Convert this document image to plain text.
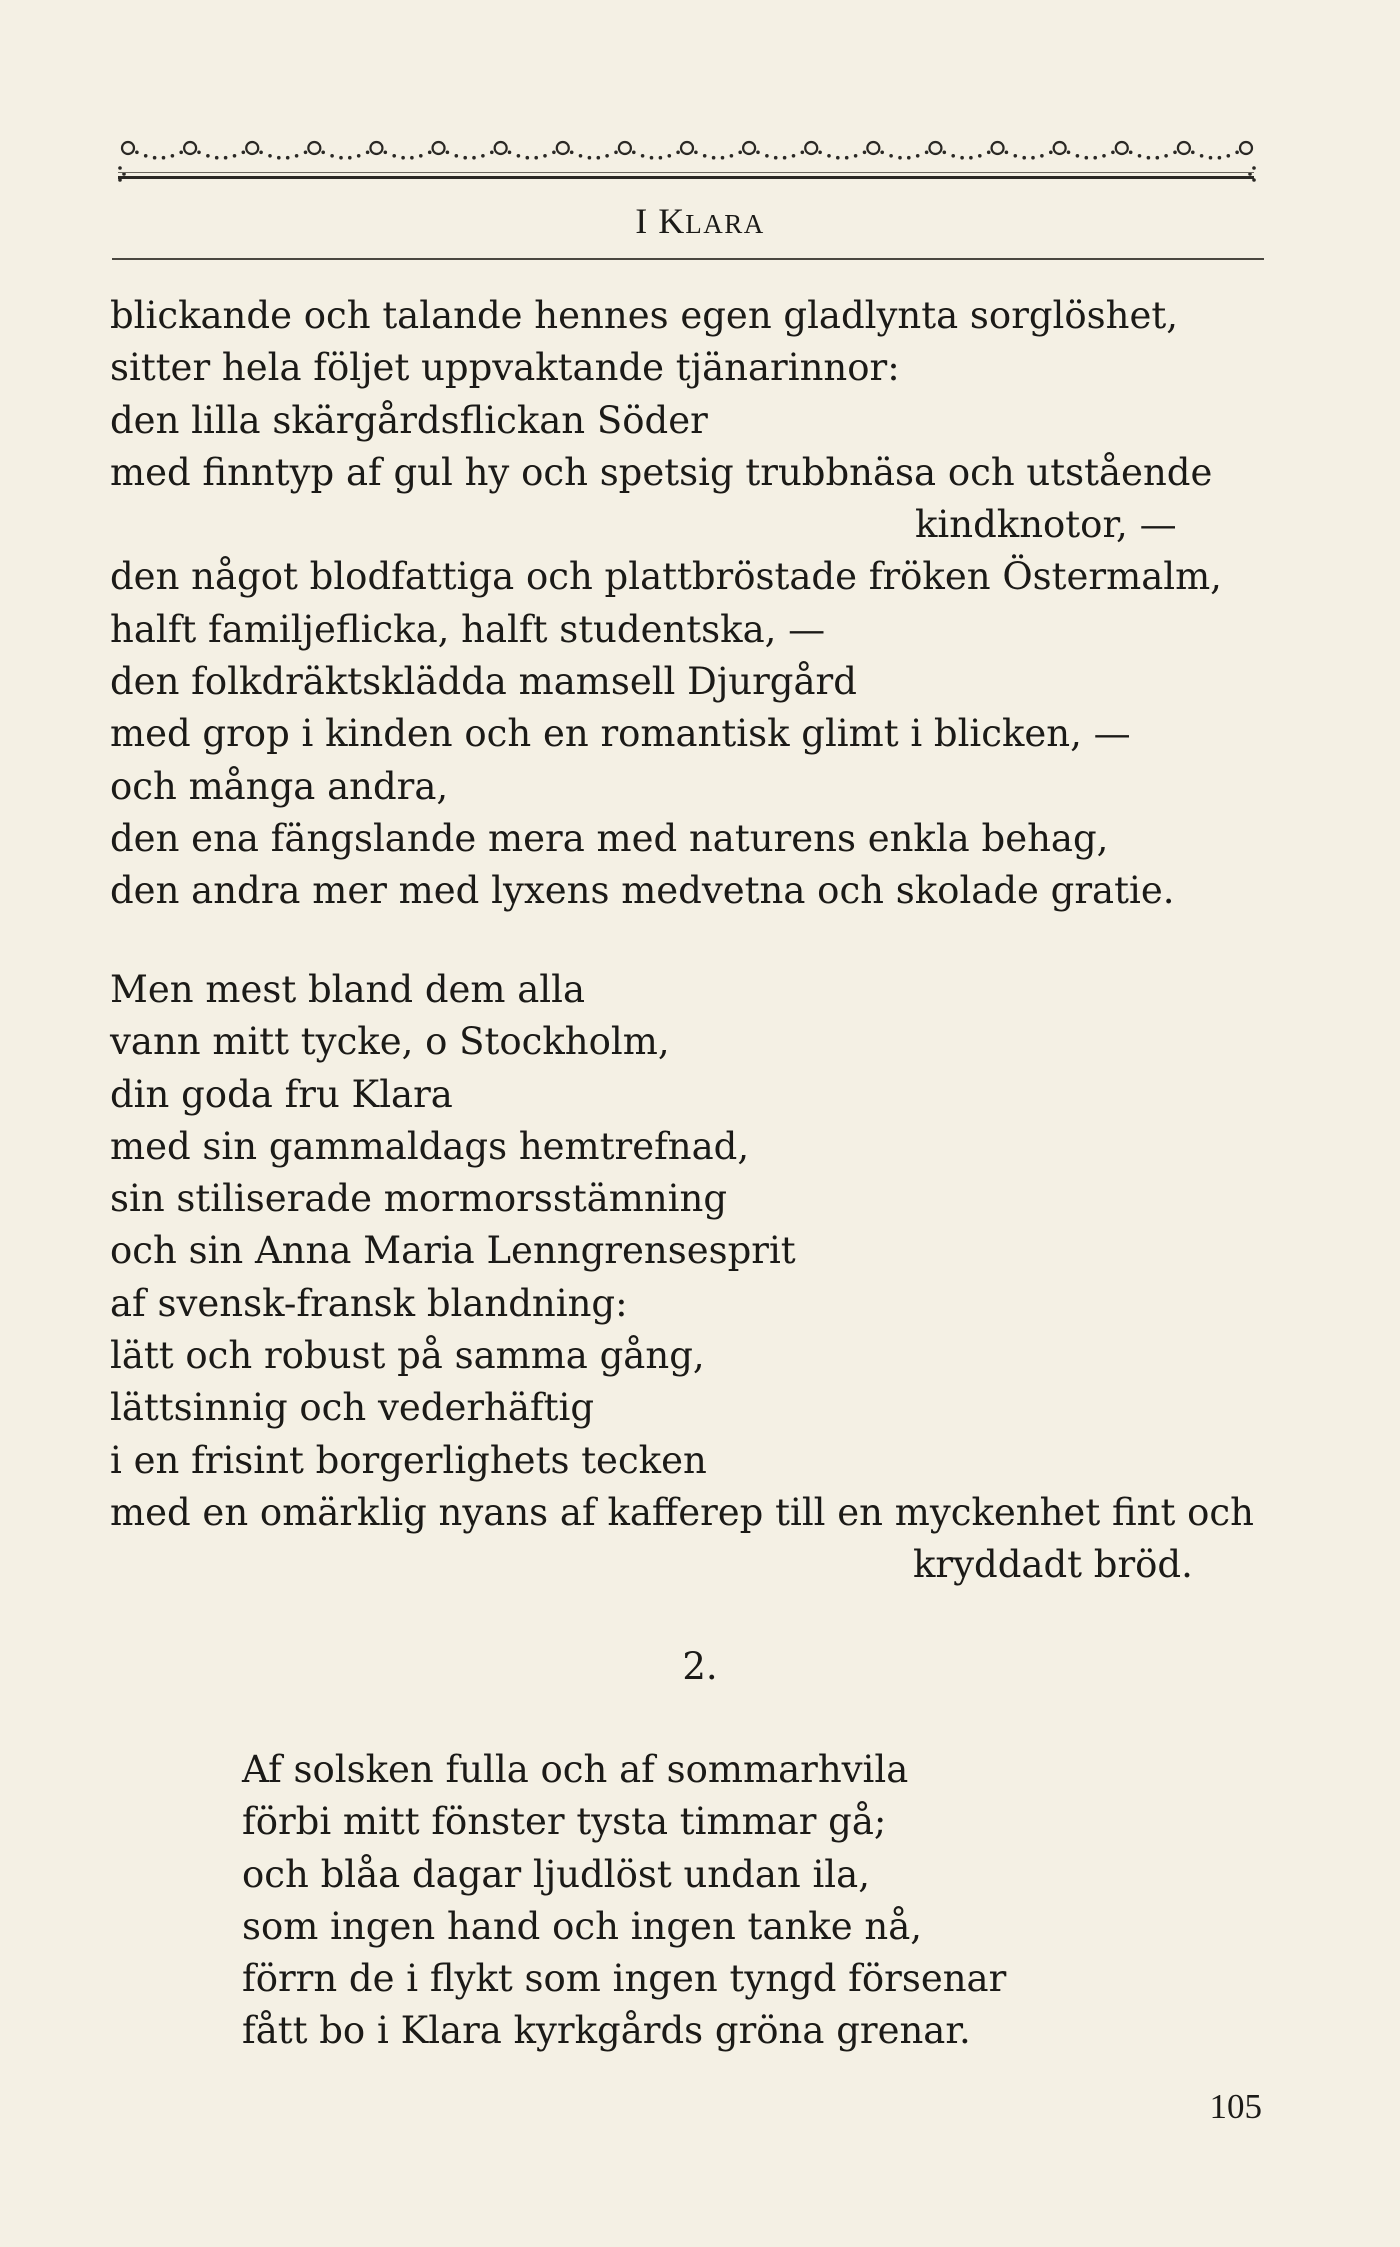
I KLARA
blickande och talande hennes egen gladlynta sorglöshet,
sitter hela följet uppvaktande tjänarinnor:
den lilla skärgårdsflickan Söder
med finntyp af gul hy och spetsig trubbnäsa och utstående
kindknotor, —
den något blodfattiga och plattbröstade fröken Östermalm,
halft familjeflicka, halft studentska, —
den folkdräktsklädda mamsell Djurgård
med grop i kinden och en romantisk glimt i blicken, —
och många andra,
den ena fängslande mera med naturens enkla behag,
den andra mer med lyxens medvetna och skolade gratie.
Men mest bland dem alla
vann mitt tycke, o Stockholm,
din goda fru Klara
med sin gammaldags hemtrefnad,
sin stiliserade mormorsstämning
och sin Anna Maria Lenngrensesprit
af svensk-fransk blandning:
lätt och robust på samma gång,
lättsinnig och vederhäftig
i en frisint borgerlighets tecken
med en omärklig nyans af kafferep till en myckenhet fint och
kryddadt bröd.
2.
Af solsken fulla och af sommarhvila
förbi mitt fönster tysta timmar gå;
och blåa dagar ljudlöst undan ila,
som ingen hand och ingen tanke nå,
förrn de i flykt som ingen tyngd försenar
fått bo i Klara kyrkgårds gröna grenar.
105
